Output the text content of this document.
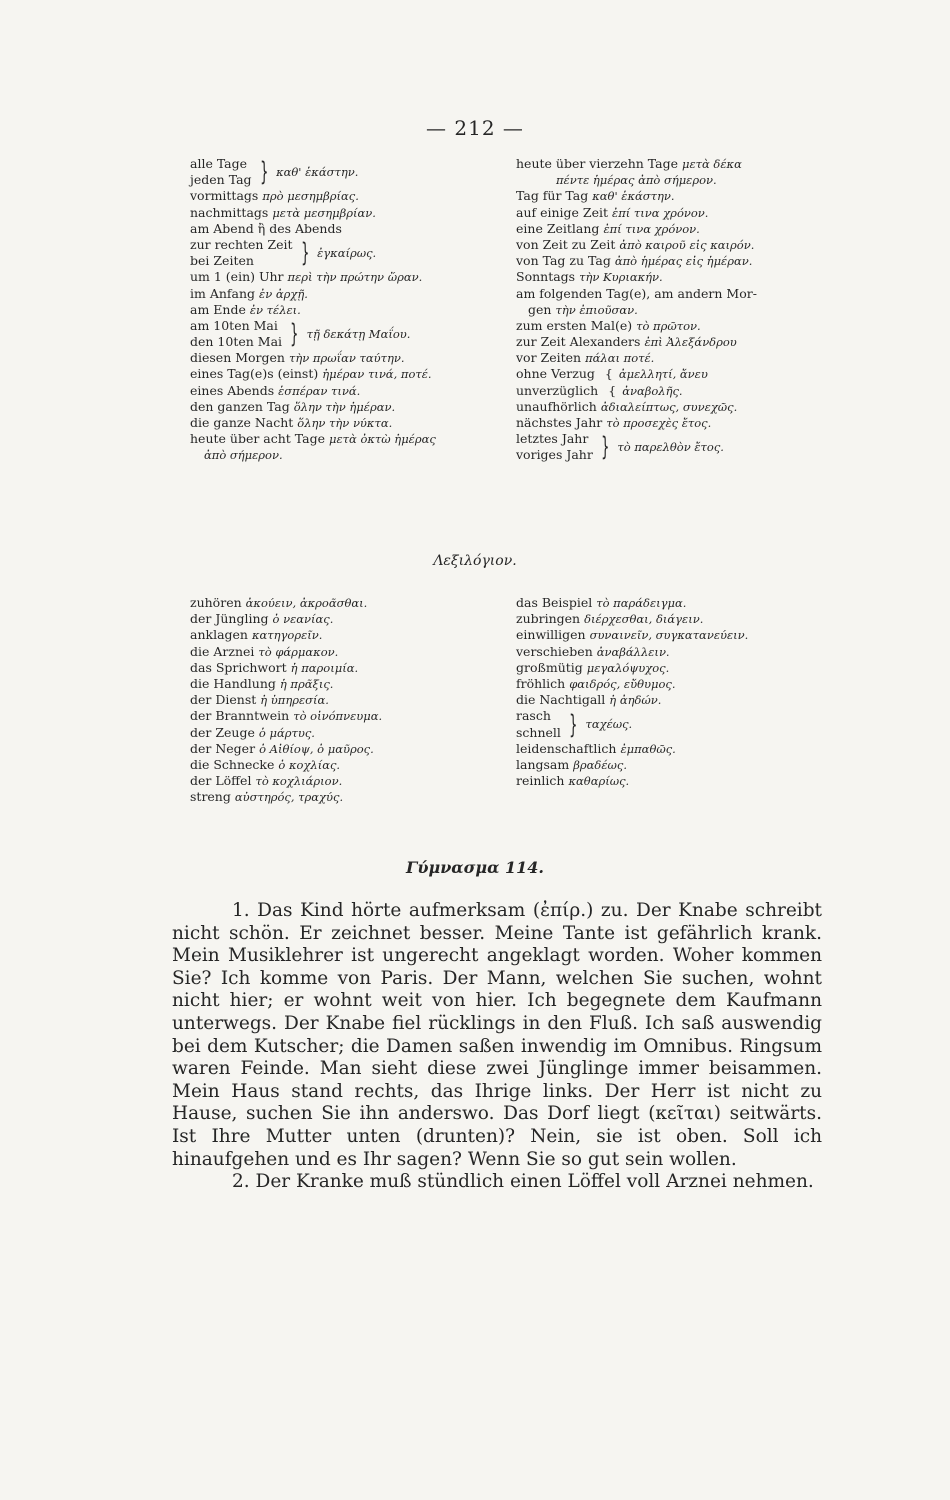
— 212 —
alle Tage
jeden Tag } καθ' ἑκάστην.
vormittags πρὸ μεσημβρίας.
nachmittags μετὰ μεσημβρίαν.
am Abend ἢ des Abends
zur rechten Zeit
bei Zeiten	} ἐγκαίρως.
um 1 (ein) Uhr περὶ τὴν πρώτην ὥραν.
im Anfang ἐν ἀρχῇ.
am Ende ἐν τέλει.
am 10ten Mai
den 10ten Mai } τῇ δεκάτῃ Μαΐου.
diesen Morgen τὴν πρωΐαν ταύτην.
eines Tag(e)s (einst) ἡμέραν τινά, ποτέ.
eines Abends ἑσπέραν τινά.
den ganzen Tag ὅλην τὴν ἡμέραν.
die ganze Nacht ὅλην τὴν νύκτα.
heute über acht Tage μετὰ ὀκτὼ ἡμέρας
ἀπὸ σήμερον.
heute über vierzehn Tage μετὰ δέκα
πέντε ἡμέρας ἀπὸ σήμερον.
Tag für Tag καθ' ἑκάστην.
auf einige Zeit ἐπί τινα χρόνον.
eine Zeitlang ἐπί τινα χρόνον.
von Zeit zu Zeit ἀπὸ καιροῦ εἰς καιρόν.
von Tag zu Tag ἀπὸ ἡμέρας εἰς ἡμέραν.
Sonntags τὴν Κυριακήν.
am folgenden Tag(e), am andern Mor-
gen τὴν ἐπιοῦσαν.
zum ersten Mal(e) τὸ πρῶτον.
zur Zeit Alexanders ἐπὶ Ἀλεξάνδρου
vor Zeiten πάλαι ποτέ.
ohne Verzug { ἀμελλητί, ἄνευ
unverzüglich { ἀναβολῆς.
unaufhörlich ἀδιαλείπτως, συνεχῶς.
nächstes Jahr τὸ προσεχὲς ἔτος.
letztes Jahr
voriges Jahr } τὸ παρελθὸν ἔτος.
Λεξιλόγιον.
zuhören ἀκούειν, ἀκροᾶσθαι.
der Jüngling ὁ νεανίας.
anklagen κατηγορεῖν.
die Arznei τὸ φάρμακον.
das Sprichwort ἡ παροιμία.
die Handlung ἡ πρᾶξις.
der Dienst ἡ ὑπηρεσία.
der Branntwein τὸ οἰνόπνευμα.
der Zeuge ὁ μάρτυς.
der Neger ὁ Αἰθίοψ, ὁ μαῦρος.
die Schnecke ὁ κοχλίας.
der Löffel τὸ κοχλιάριον.
streng αὐστηρός, τραχύς.
das Beispiel τὸ παράδειγμα.
zubringen διέρχεσθαι, διάγειν.
einwilligen συναινεῖν, συγκατανεύειν.
verschieben ἀναβάλλειν.
großmütig μεγαλόψυχος.
fröhlich φαιδρός, εὔθυμος.
die Nachtigall ἡ ἀηδών.
rasch
schnell } ταχέως.
leidenschaftlich ἐμπαθῶς.
langsam βραδέως.
reinlich καθαρίως.
Γύμνασμα 114.

1. Das Kind hörte aufmerksam (ἐπίρ.) zu. Der Knabe schreibt nicht schön. Er zeichnet besser. Meine Tante ist gefährlich krank. Mein Musiklehrer ist ungerecht angeklagt worden. Woher kommen Sie? Ich komme von Paris. Der Mann, welchen Sie suchen, wohnt nicht hier; er wohnt weit von hier. Ich begegnete dem Kaufmann unterwegs. Der Knabe fiel rücklings in den Fluß. Ich saß auswendig bei dem Kutscher; die Damen saßen inwendig im Omnibus. Ringsum waren Feinde. Man sieht diese zwei Jünglinge immer beisammen. Mein Haus stand rechts, das Ihrige links. Der Herr ist nicht zu Hause, suchen Sie ihn anderswo. Das Dorf liegt (κεῖται) seitwärts. Ist Ihre Mutter unten (drunten)? Nein, sie ist oben. Soll ich hinaufgehen und es Ihr sagen? Wenn Sie so gut sein wollen.

2. Der Kranke muß stündlich einen Löffel voll Arznei nehmen.
